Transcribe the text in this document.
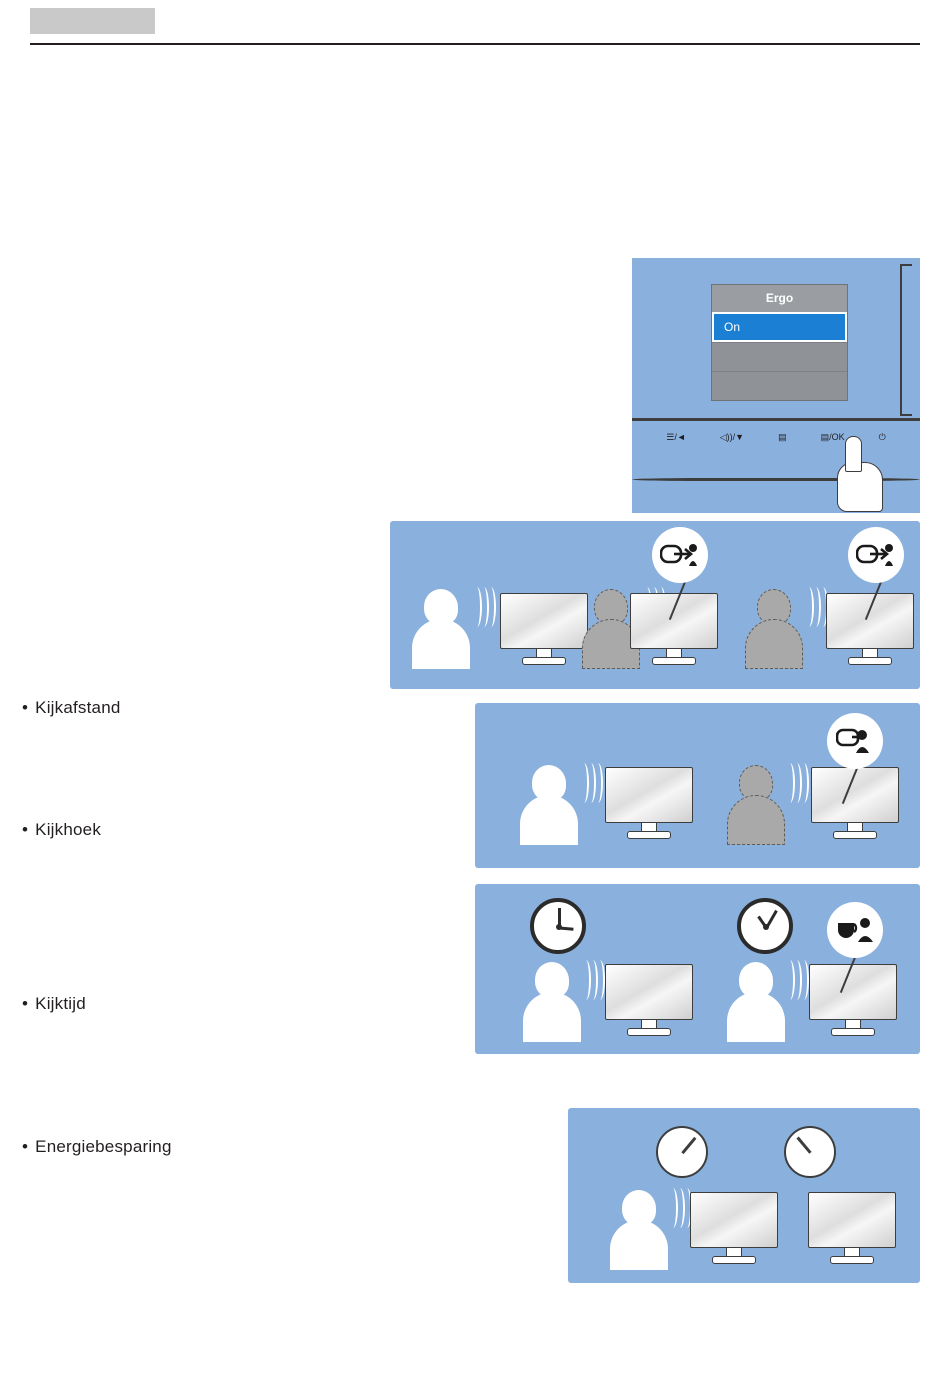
• Kijkafstand
• Kijkhoek
• Kijktijd
• Energiebesparing
Ergo
On

☰/◄	◁))/▼	▤	▤/OK	⏻
